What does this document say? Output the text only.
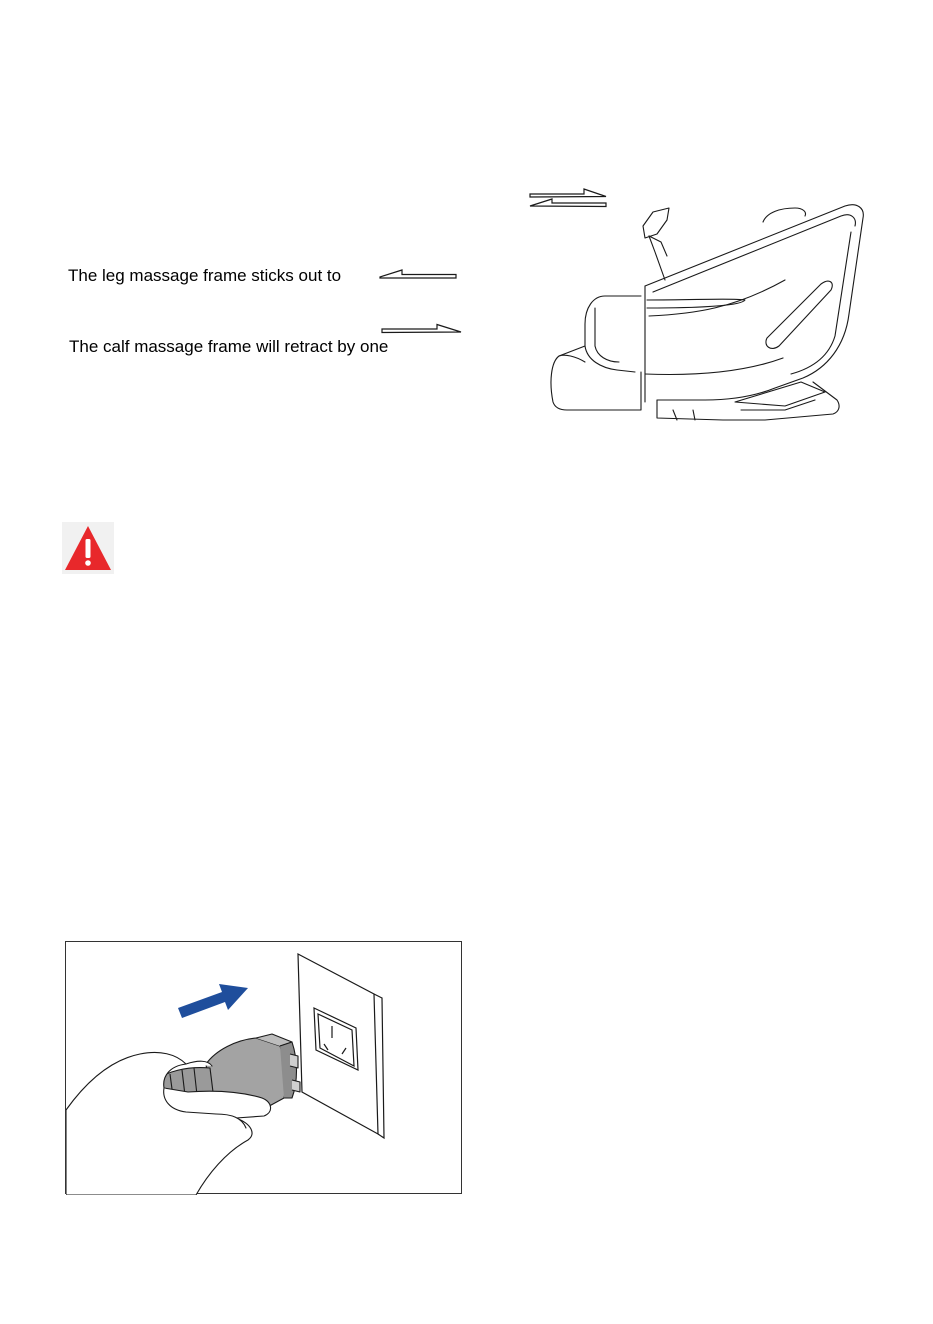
The leg massage frame sticks out to
The calf massage frame will retract by one
